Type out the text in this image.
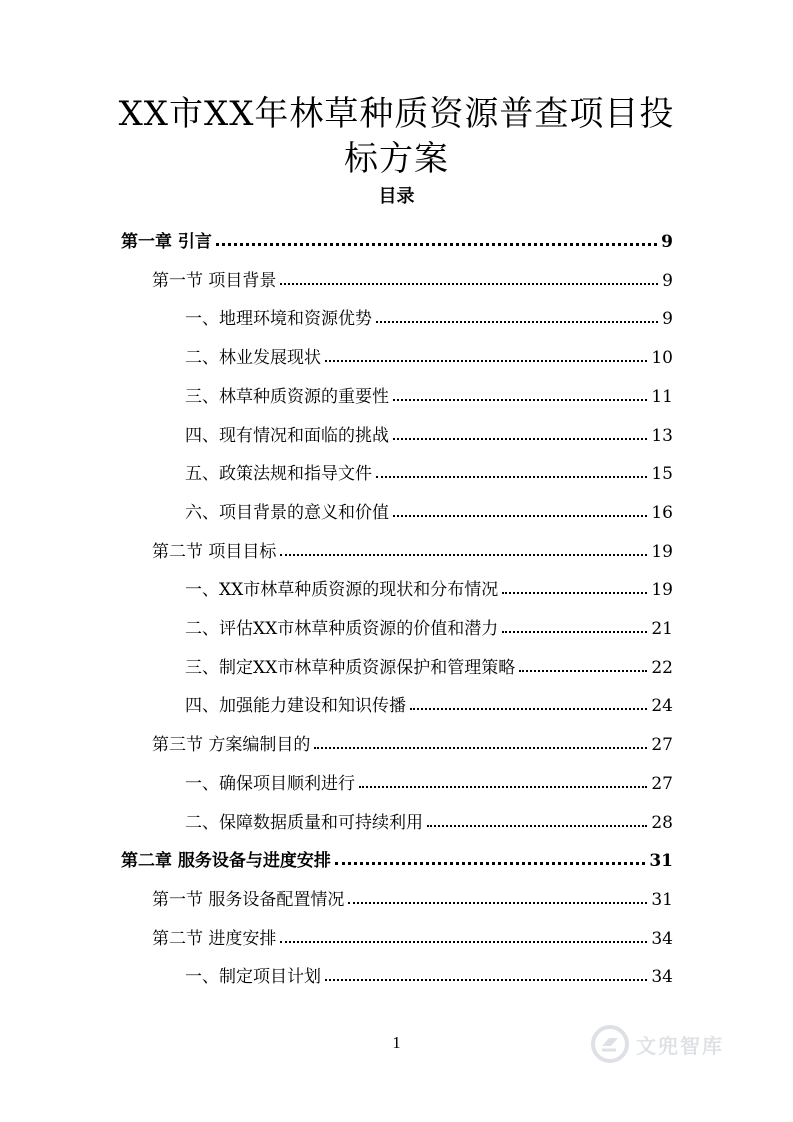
XX市XX年林草种质资源普查项目投
标方案
目录
第一章 引言	9
第一节 项目背景	9
一、地理环境和资源优势	9
二、林业发展现状	10
三、林草种质资源的重要性	11
四、现有情况和面临的挑战	13
五、政策法规和指导文件	15
六、项目背景的意义和价值	16
第二节 项目目标	19
一、XX市林草种质资源的现状和分布情况	19
二、评估XX市林草种质资源的价值和潜力	21
三、制定XX市林草种质资源保护和管理策略	22
四、加强能力建设和知识传播	24
第三节 方案编制目的	27
一、确保项目顺利进行	27
二、保障数据质量和可持续利用	28
第二章 服务设备与进度安排	31
第一节 服务设备配置情况	31
第二节 进度安排	34
一、制定项目计划	34
1	文兜智库
